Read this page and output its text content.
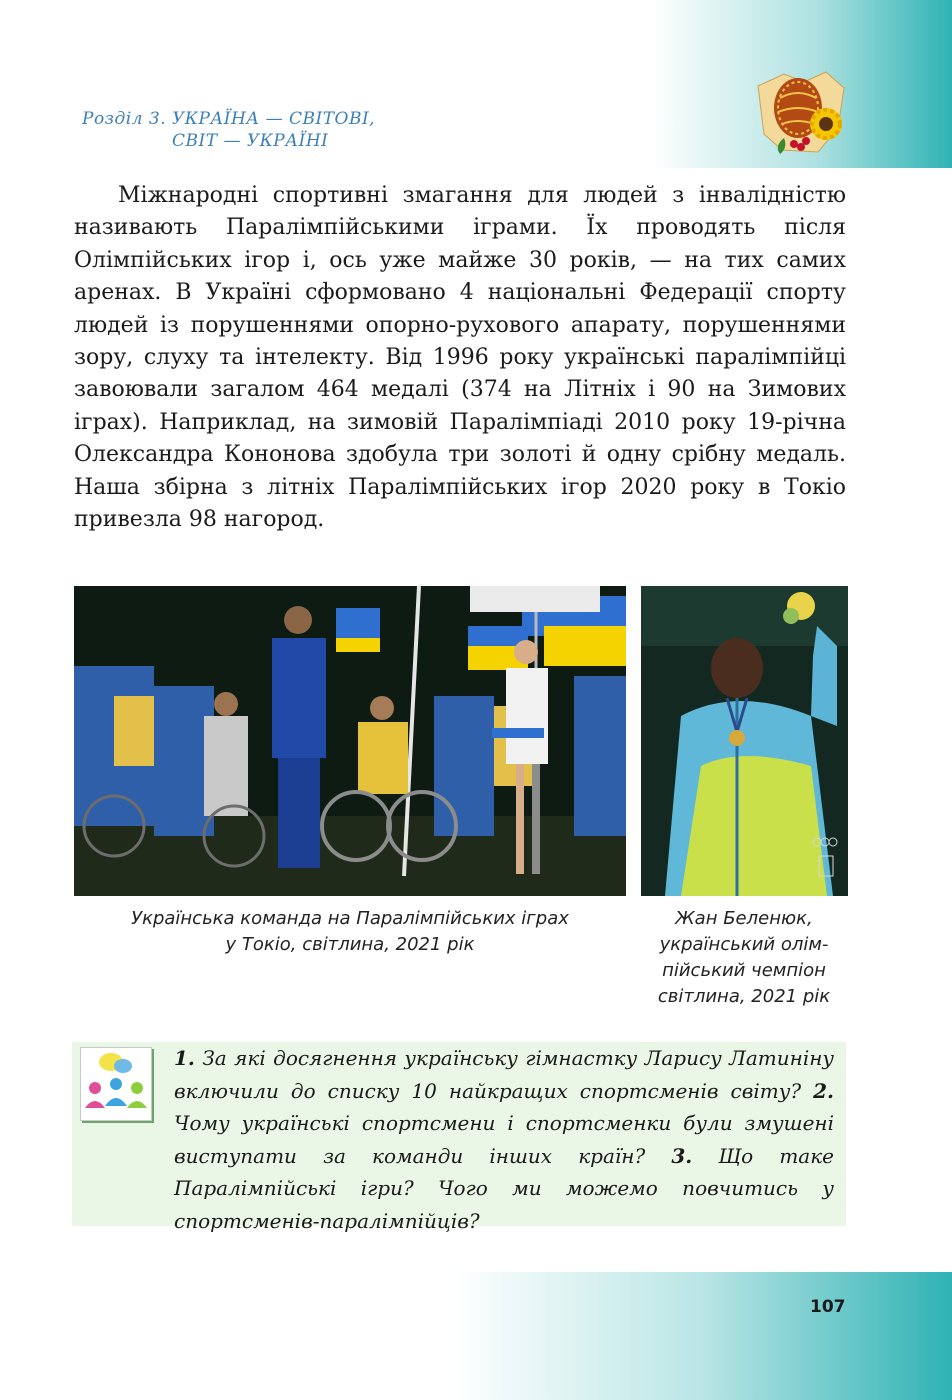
Розділ 3. УКРАЇНА — СВІТОВІ,
СВІТ — УКРАЇНІ

Міжнародні спортивні змагання для людей з інвалідністю називають Паралімпійськими іграми. Їх проводять після Олімпійських ігор і, ось уже майже 30 років, — на тих самих аренах. В Україні сформовано 4 національні Федерації спорту людей із порушеннями опорно-рухового апарату, порушеннями зору, слуху та інтелекту. Від 1996 року українські паралімпійці завоювали загалом 464 медалі (374 на Літніх і 90 на Зимових іграх). Наприклад, на зимовій Паралімпіаді 2010 року 19-річна Олександра Кононова здобула три золоті й одну срібну медаль. Наша збірна з літніх Паралімпійських ігор 2020 року в Токіо привезла 98 нагород.

Українська команда на Паралімпійських іграх
у Токіо, світлина, 2021 рік
Жан Беленюк,
український олім-
пійський чемпіон
світлина, 2021 рік

1. За які досягнення українську гімнастку Ларису Латиніну включили до списку 10 найкращих спортсменів світу? 2. Чому українські спортсмени і спортсменки були змушені виступати за команди інших країн? 3. Що таке Паралімпійські ігри? Чого ми можемо повчитись у спортсменів-паралімпійців?

107
